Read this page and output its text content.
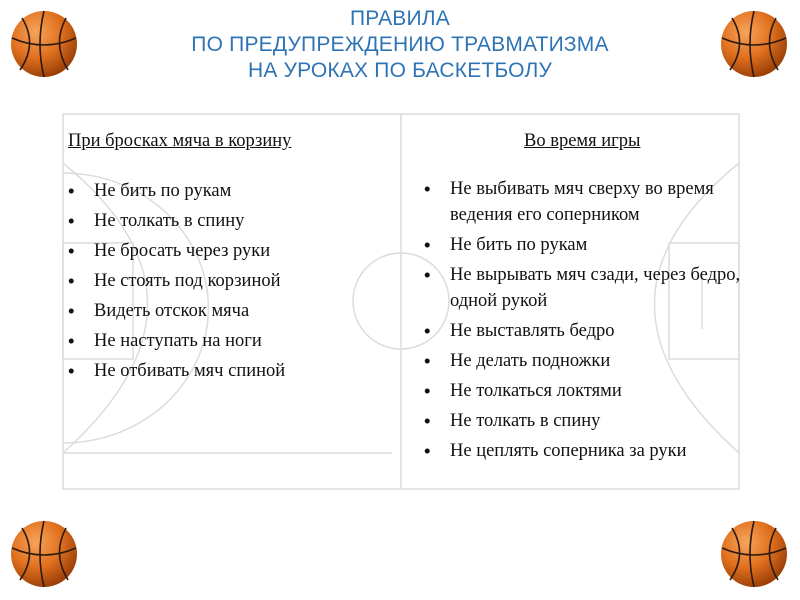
ПРАВИЛА
ПО ПРЕДУПРЕЖДЕНИЮ ТРАВМАТИЗМА
НА УРОКАХ ПО БАСКЕТБОЛУ
При бросках мяча в корзину
• Не бить по рукам
• Не толкать в спину
• Не бросать через руки
• Не стоять под корзиной
• Видеть отскок мяча
• Не наступать на ноги
• Не отбивать мяч спиной
Во время игры
• Не выбивать мяч сверху во время ведения его соперником
• Не бить по рукам
• Не вырывать мяч сзади, через бедро, одной рукой
• Не выставлять бедро
• Не делать подножки
• Не толкаться локтями
• Не толкать в спину
• Не цеплять соперника за руки
